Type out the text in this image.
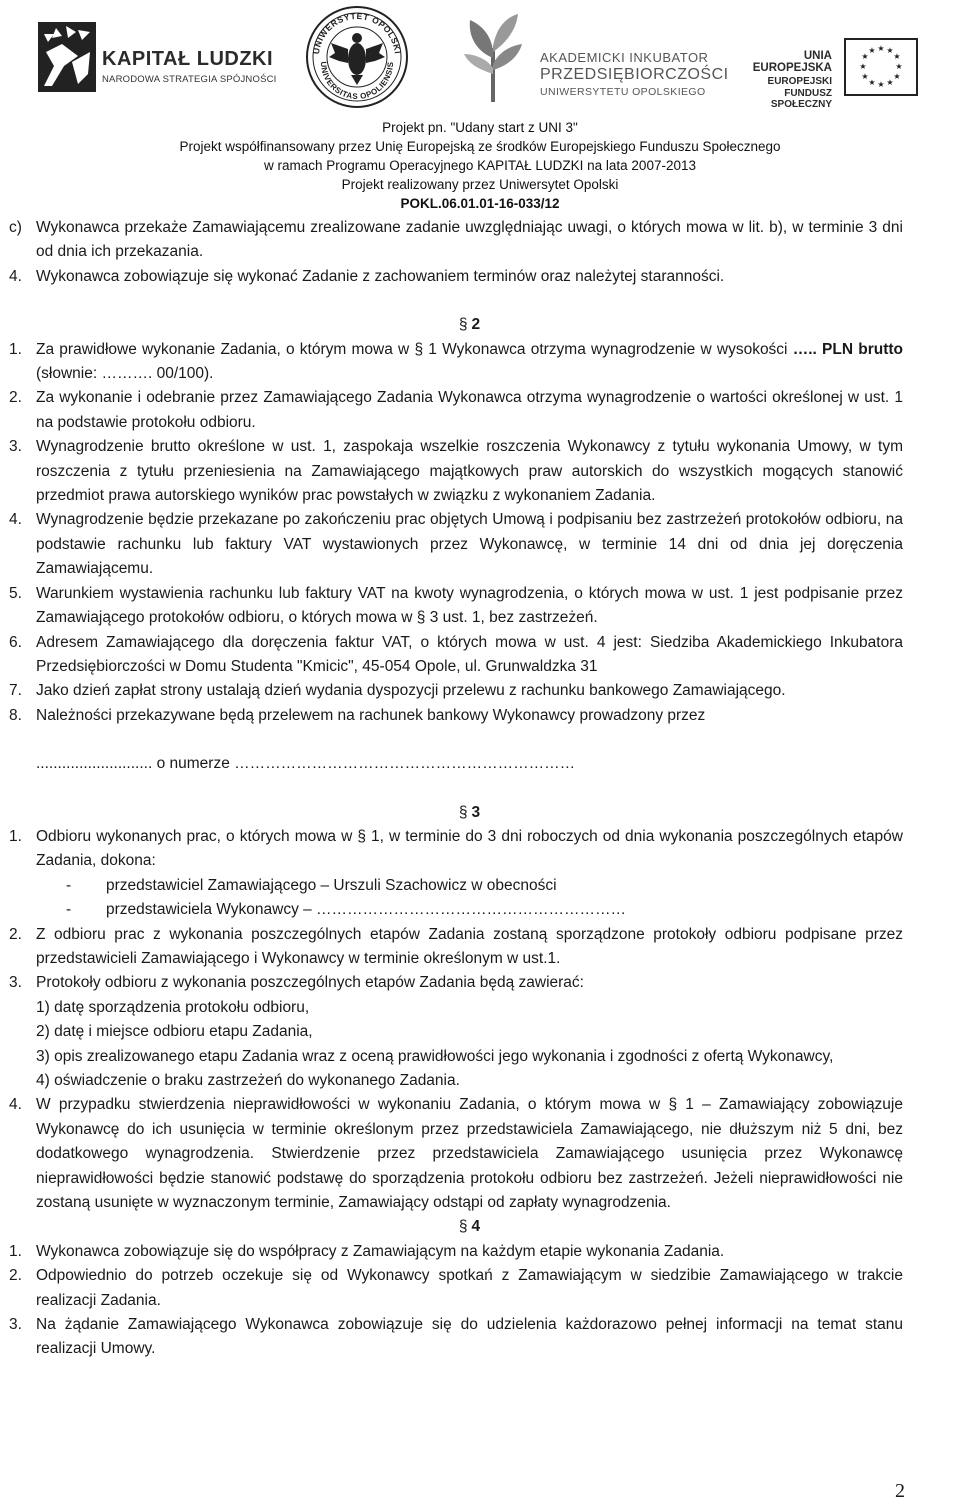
KAPITAŁ LUDZKI
NARODOWA STRATEGIA SPÓJNOŚCI
UNIWERSYTET OPOLSKI
UNIVERSITAS OPOLIENSIS	AKADEMICKI INKUBATOR
PRZEDSIĘBIORCZOŚCI
UNIWERSYTETU OPOLSKIEGO
UNIA EUROPEJSKA
EUROPEJSKI
FUNDUSZ SPOŁECZNY
★ ★
★
★
★
★
★
★
★
★
★
★
Projekt pn. "Udany start z UNI 3"
Projekt współfinansowany przez Unię Europejską ze środków Europejskiego Funduszu Społecznego
w ramach Programu Operacyjnego KAPITAŁ LUDZKI na lata 2007-2013
Projekt realizowany przez Uniwersytet Opolski
POKL.06.01.01-16-033/12
c) Wykonawca przekaże Zamawiającemu zrealizowane zadanie uwzględniając uwagi, o których mowa w lit. b), w terminie 3 dni od dnia ich przekazania.
4. Wykonawca zobowiązuje się wykonać Zadanie z zachowaniem terminów oraz należytej staranności.
§ 2
1. Za prawidłowe wykonanie Zadania, o którym mowa w § 1 Wykonawca otrzyma wynagrodzenie w wysokości ….. PLN brutto (słownie: ………. 00/100).
2. Za wykonanie i odebranie przez Zamawiającego Zadania Wykonawca otrzyma wynagrodzenie o wartości określonej w ust. 1 na podstawie protokołu odbioru.
3. Wynagrodzenie brutto określone w ust. 1, zaspokaja wszelkie roszczenia Wykonawcy z tytułu wykonania Umowy, w tym roszczenia z tytułu przeniesienia na Zamawiającego majątkowych praw autorskich do wszystkich mogących stanowić przedmiot prawa autorskiego wyników prac powstałych w związku z wykonaniem Zadania.
4. Wynagrodzenie będzie przekazane po zakończeniu prac objętych Umową i podpisaniu bez zastrzeżeń protokołów odbioru, na podstawie rachunku lub faktury VAT wystawionych przez Wykonawcę, w terminie 14 dni od dnia jej doręczenia Zamawiającemu.
5. Warunkiem wystawienia rachunku lub faktury VAT na kwoty wynagrodzenia, o których mowa w ust. 1 jest podpisanie przez Zamawiającego protokołów odbioru, o których mowa w § 3 ust. 1, bez zastrzeżeń.
6. Adresem Zamawiającego dla doręczenia faktur VAT, o których mowa w ust. 4 jest: Siedziba Akademickiego Inkubatora Przedsiębiorczości w Domu Studenta "Kmicic", 45-054 Opole, ul. Grunwaldzka 31
7. Jako dzień zapłat strony ustalają dzień wydania dyspozycji przelewu z rachunku bankowego Zamawiającego.
8. Należności przekazywane będą przelewem na rachunek bankowy Wykonawcy prowadzony przez
........................... o numerze …………………………………………………………
§ 3
1. Odbioru wykonanych prac, o których mowa w § 1, w terminie do 3 dni roboczych od dnia wykonania poszczególnych etapów Zadania, dokona:
- przedstawiciel Zamawiającego – Urszuli Szachowicz w obecności
- przedstawiciela Wykonawcy – ……………………………………………………
2. Z odbioru prac z wykonania poszczególnych etapów Zadania zostaną sporządzone protokoły odbioru podpisane przez przedstawicieli Zamawiającego i Wykonawcy w terminie określonym w ust.1.
3. Protokoły odbioru z wykonania poszczególnych etapów Zadania będą zawierać:
1) datę sporządzenia protokołu odbioru,
2) datę i miejsce odbioru etapu Zadania,
3) opis zrealizowanego etapu Zadania wraz z oceną prawidłowości jego wykonania i zgodności z ofertą Wykonawcy,
4) oświadczenie o braku zastrzeżeń do wykonanego Zadania.
4. W przypadku stwierdzenia nieprawidłowości w wykonaniu Zadania, o którym mowa w § 1 – Zamawiający zobowiązuje Wykonawcę do ich usunięcia w terminie określonym przez przedstawiciela Zamawiającego, nie dłuższym niż 5 dni, bez dodatkowego wynagrodzenia. Stwierdzenie przez przedstawiciela Zamawiającego usunięcia przez Wykonawcę nieprawidłowości będzie stanowić podstawę do sporządzenia protokołu odbioru bez zastrzeżeń. Jeżeli nieprawidłowości nie zostaną usunięte w wyznaczonym terminie, Zamawiający odstąpi od zapłaty wynagrodzenia.
§ 4
1. Wykonawca zobowiązuje się do współpracy z Zamawiającym na każdym etapie wykonania Zadania.
2. Odpowiednio do potrzeb oczekuje się od Wykonawcy spotkań z Zamawiającym w siedzibie Zamawiającego w trakcie realizacji Zadania.
3. Na żądanie Zamawiającego Wykonawca zobowiązuje się do udzielenia każdorazowo pełnej informacji na temat stanu realizacji Umowy.
2
